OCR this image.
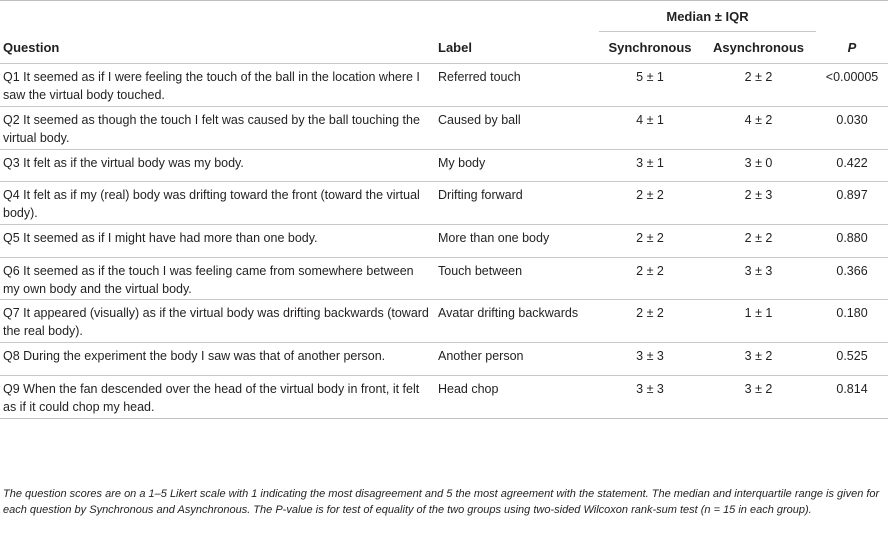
		Median ± IQR		
Question	Label	Synchronous	Asynchronous	P
Q1 It seemed as if I were feeling the touch of the ball in the location where I saw the virtual body touched.	Referred touch	5 ± 1	2 ± 2	<0.00005
Q2 It seemed as though the touch I felt was caused by the ball touching the virtual body.	Caused by ball	4 ± 1	4 ± 2	0.030
Q3 It felt as if the virtual body was my body.	My body	3 ± 1	3 ± 0	0.422
Q4 It felt as if my (real) body was drifting toward the front (toward the virtual body).	Drifting forward	2 ± 2	2 ± 3	0.897
Q5 It seemed as if I might have had more than one body.	More than one body	2 ± 2	2 ± 2	0.880
Q6 It seemed as if the touch I was feeling came from somewhere between my own body and the virtual body.	Touch between	2 ± 2	3 ± 3	0.366
Q7 It appeared (visually) as if the virtual body was drifting backwards (toward the real body).	Avatar drifting backwards	2 ± 2	1 ± 1	0.180
Q8 During the experiment the body I saw was that of another person.	Another person	3 ± 3	3 ± 2	0.525
Q9 When the fan descended over the head of the virtual body in front, it felt as if it could chop my head.	Head chop	3 ± 3	3 ± 2	0.814

The question scores are on a 1–5 Likert scale with 1 indicating the most disagreement and 5 the most agreement with the statement. The median and interquartile range is given for each question by Synchronous and Asynchronous. The P-value is for test of equality of the two groups using two-sided Wilcoxon rank-sum test (n = 15 in each group).
